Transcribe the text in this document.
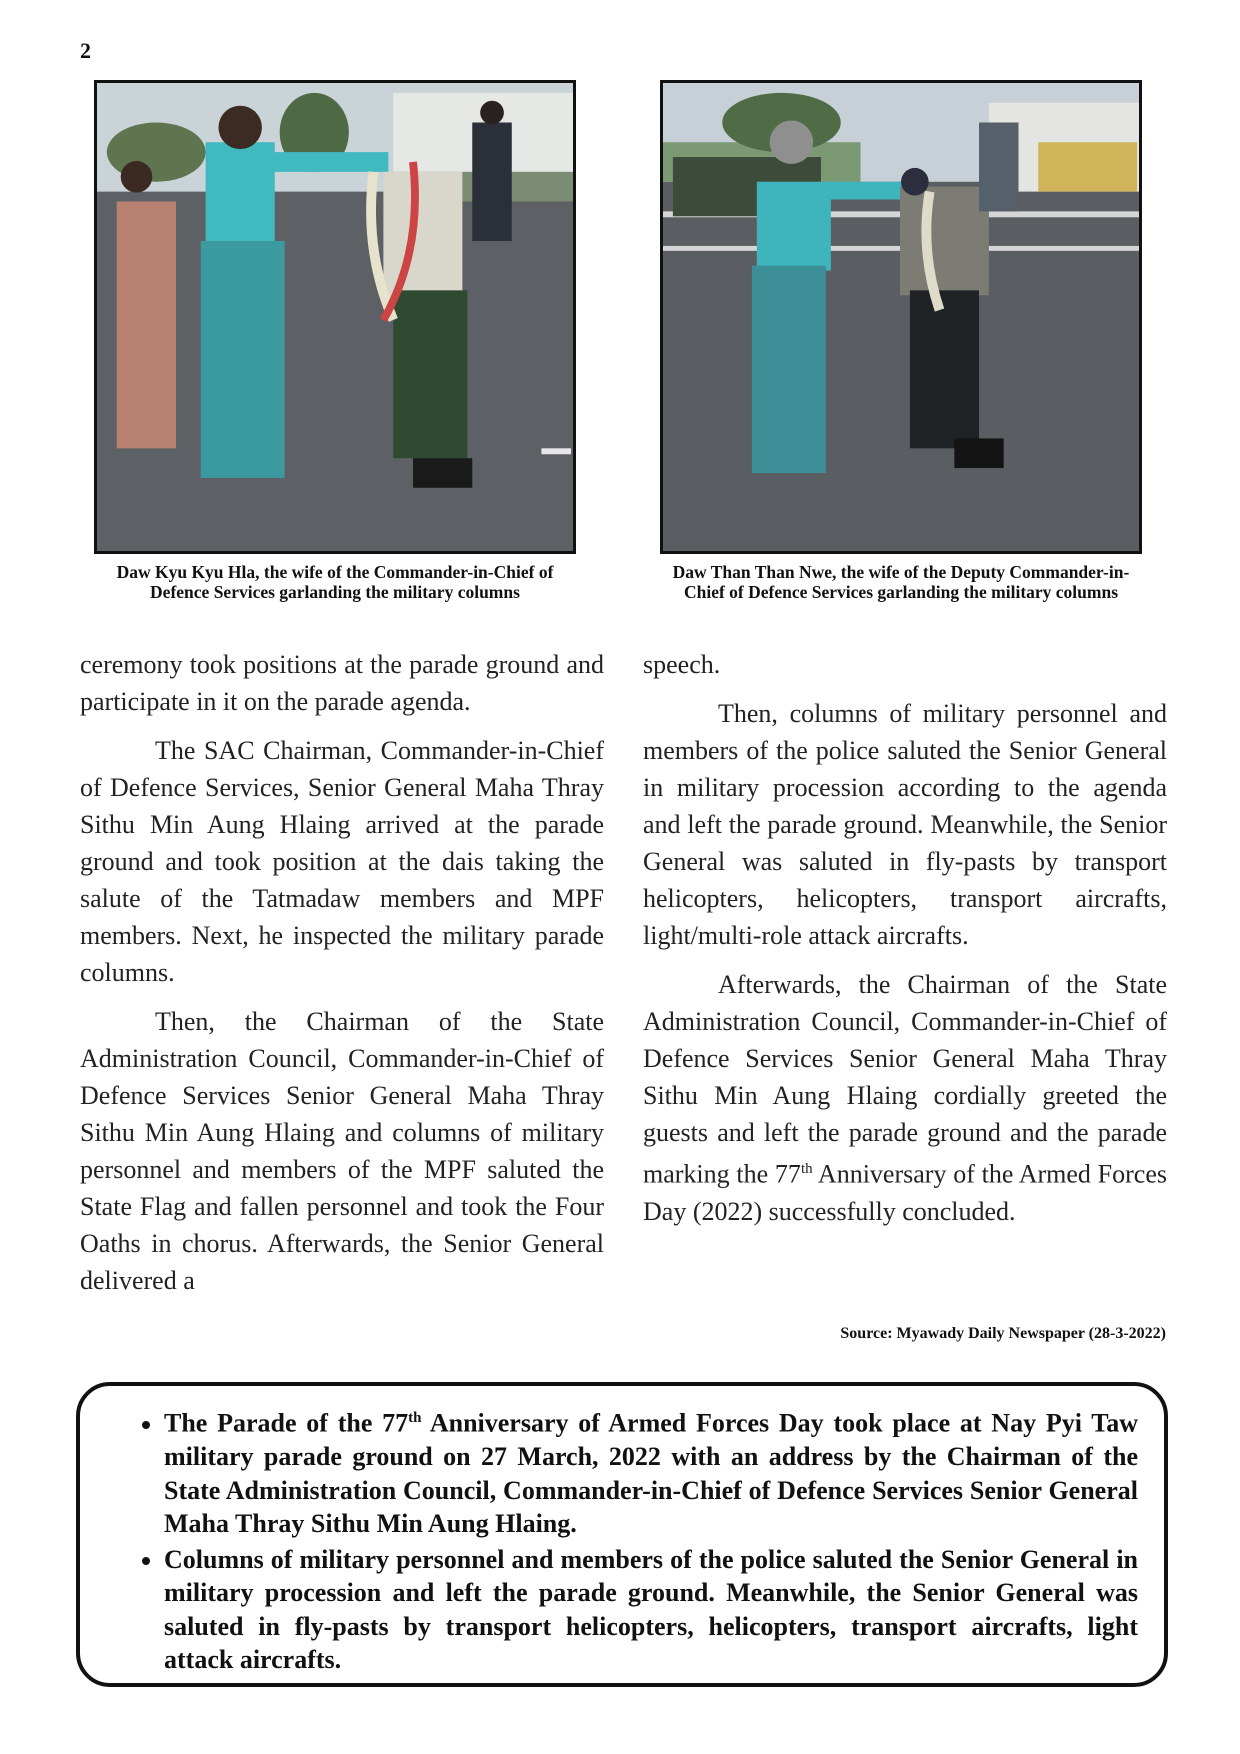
2
Daw Kyu Kyu Hla, the wife of the Commander-in-Chief of Defence Services garlanding the military columns
Daw Than Than Nwe, the wife of the Deputy Commander-in-Chief of Defence Services garlanding the military columns

ceremony took positions at the parade ground and participate in it on the parade agenda.

The SAC Chairman, Commander-in-Chief of Defence Services, Senior General Maha Thray Sithu Min Aung Hlaing arrived at the parade ground and took position at the dais taking the salute of the Tatmadaw members and MPF members. Next, he inspected the military parade columns.

Then, the Chairman of the State Administration Council, Commander-in-Chief of Defence Services Senior General Maha Thray Sithu Min Aung Hlaing and columns of military personnel and members of the MPF saluted the State Flag and fallen personnel and took the Four Oaths in chorus. Afterwards, the Senior General delivered a

speech.

Then, columns of military personnel and members of the police saluted the Senior General in military procession according to the agenda and left the parade ground. Meanwhile, the Senior General was saluted in fly-pasts by transport helicopters, helicopters, transport aircrafts, light/multi-role attack aircrafts.

Afterwards, the Chairman of the State Administration Council, Commander-in-Chief of Defence Services Senior General Maha Thray Sithu Min Aung Hlaing cordially greeted the guests and left the parade ground and the parade marking the 77th Anniversary of the Armed Forces Day (2022) successfully concluded.

Source: Myawady Daily Newspaper (28-3-2022)
• The Parade of the 77th Anniversary of Armed Forces Day took place at Nay Pyi Taw military parade ground on 27 March, 2022 with an address by the Chairman of the State Administration Council, Commander-in-Chief of Defence Services Senior General Maha Thray Sithu Min Aung Hlaing.
• Columns of military personnel and members of the police saluted the Senior General in military procession and left the parade ground. Meanwhile, the Senior General was saluted in fly-pasts by transport helicopters, helicopters, transport aircrafts, light attack aircrafts.
